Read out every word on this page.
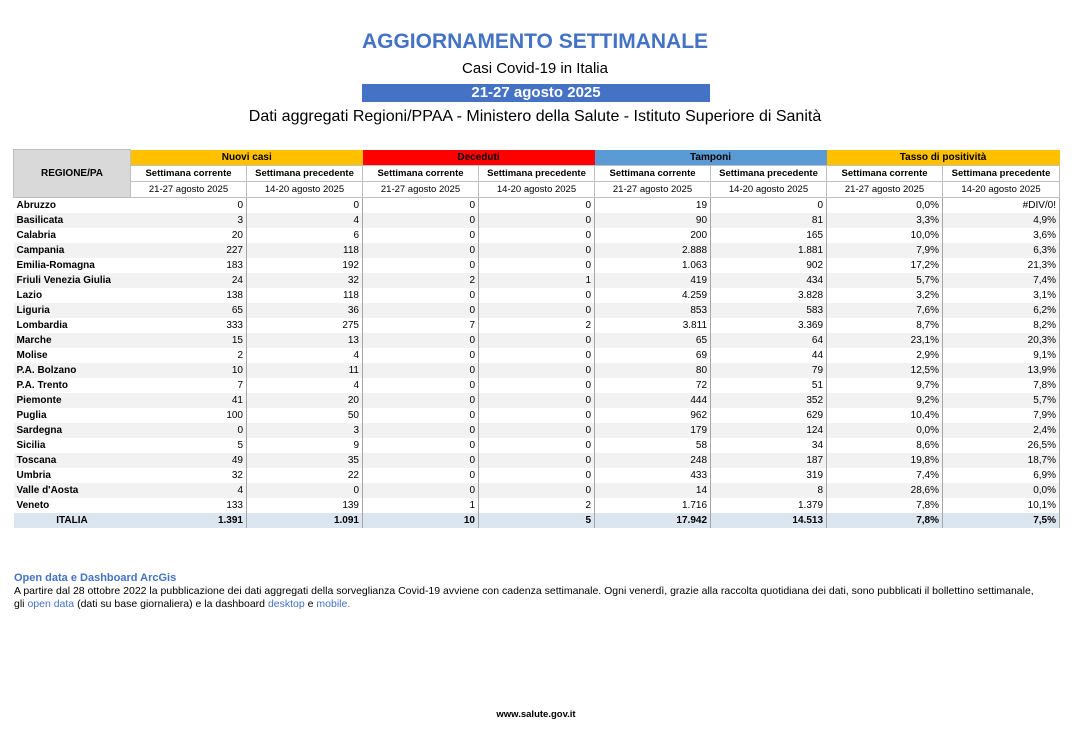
AGGIORNAMENTO SETTIMANALE
Casi Covid-19 in Italia
21-27 agosto 2025
Dati aggregati Regioni/PPAA - Ministero della Salute - Istituto Superiore di Sanità
REGIONE/PA	Nuovi casi		Deceduti		Tamponi		Tasso di positività	
	Settimana corrente	Settimana precedente	Settimana corrente	Settimana precedente	Settimana corrente	Settimana precedente	Settimana corrente	Settimana precedente
	21-27 agosto 2025	14-20 agosto 2025	21-27 agosto 2025	14-20 agosto 2025	21-27 agosto 2025	14-20 agosto 2025	21-27 agosto 2025	14-20 agosto 2025
Abruzzo	0	0	0	0	19	0	0,0%	#DIV/0!
Basilicata	3	4	0	0	90	81	3,3%	4,9%
Calabria	20	6	0	0	200	165	10,0%	3,6%
Campania	227	118	0	0	2.888	1.881	7,9%	6,3%
Emilia-Romagna	183	192	0	0	1.063	902	17,2%	21,3%
Friuli Venezia Giulia	24	32	2	1	419	434	5,7%	7,4%
Lazio	138	118	0	0	4.259	3.828	3,2%	3,1%
Liguria	65	36	0	0	853	583	7,6%	6,2%
Lombardia	333	275	7	2	3.811	3.369	8,7%	8,2%
Marche	15	13	0	0	65	64	23,1%	20,3%
Molise	2	4	0	0	69	44	2,9%	9,1%
P.A. Bolzano	10	11	0	0	80	79	12,5%	13,9%
P.A. Trento	7	4	0	0	72	51	9,7%	7,8%
Piemonte	41	20	0	0	444	352	9,2%	5,7%
Puglia	100	50	0	0	962	629	10,4%	7,9%
Sardegna	0	3	0	0	179	124	0,0%	2,4%
Sicilia	5	9	0	0	58	34	8,6%	26,5%
Toscana	49	35	0	0	248	187	19,8%	18,7%
Umbria	32	22	0	0	433	319	7,4%	6,9%
Valle d'Aosta	4	0	0	0	14	8	28,6%	0,0%
Veneto	133	139	1	2	1.716	1.379	7,8%	10,1%
ITALIA	1.391	1.091	10	5	17.942	14.513	7,8%	7,5%
Open data e Dashboard ArcGis
A partire dal 28 ottobre 2022 la pubblicazione dei dati aggregati della sorveglianza Covid-19 avviene con cadenza settimanale. Ogni venerdì, grazie alla raccolta quotidiana dei dati, sono pubblicati il bollettino settimanale,
gli open data (dati su base giornaliera) e la dashboard desktop e mobile.
www.salute.gov.it
